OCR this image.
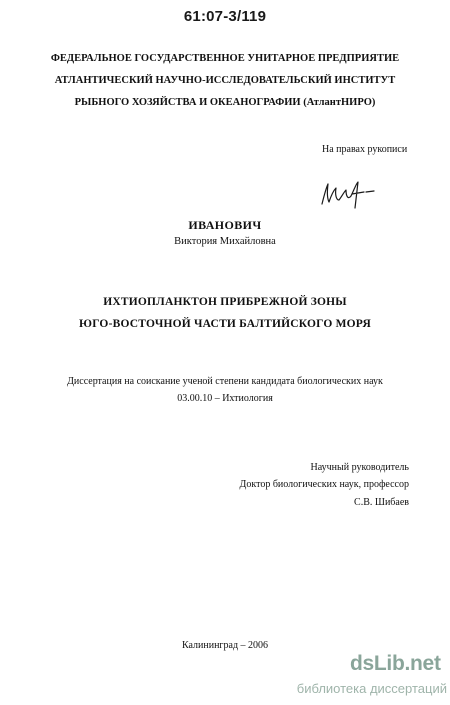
61:07-3/119
ФЕДЕРАЛЬНОЕ ГОСУДАРСТВЕННОЕ УНИТАРНОЕ ПРЕДПРИЯТИЕ
АТЛАНТИЧЕСКИЙ НАУЧНО-ИССЛЕДОВАТЕЛЬСКИЙ ИНСТИТУТ
РЫБНОГО ХОЗЯЙСТВА И ОКЕАНОГРАФИИ (АтлантНИРО)
На правах рукописи
ИВАНОВИЧ
Виктория Михайловна
ИХТИОПЛАНКТОН ПРИБРЕЖНОЙ ЗОНЫ
ЮГО-ВОСТОЧНОЙ ЧАСТИ БАЛТИЙСКОГО МОРЯ
Диссертация на соискание ученой степени кандидата биологических наук
03.00.10 – Ихтиология
Научный руководитель
Доктор биологических наук, профессор
С.В. Шибаев
Калининград – 2006
dsLib.net
библиотека диссертаций
